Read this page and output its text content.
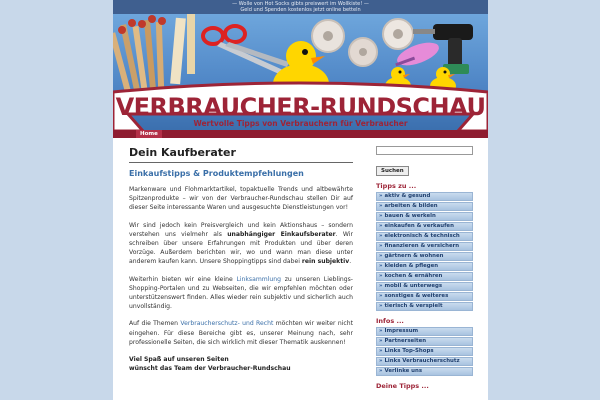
— Wolle von Hot Socks gibts preiswert im Wollkiste! —
Geld und Spenden kostenlos jetzt online betteln
VERBRAUCHER-RUNDSCHAU
Wertvolle Tipps von Verbrauchern für Verbraucher
Home
Dein Kaufberater
Einkaufstipps & Produktempfehlungen

Markenware und Flohmarktartikel, topaktuelle Trends und altbewährte Spitzenprodukte – wir von der Verbraucher-Rundschau stellen Dir auf dieser Seite interessante Waren und ausgesuchte Dienstleistungen vor!

Wir sind jedoch kein Preisvergleich und kein Aktionshaus – sondern verstehen uns vielmehr als unabhängiger Einkaufsberater. Wir schreiben über unsere Erfahrungen mit Produkten und über deren Vorzüge. Außerdem berichten wir, wo und wann man diese unter anderem kaufen kann. Unsere Shoppingtipps sind dabei rein subjektiv.

Weiterhin bieten wir eine kleine Linksammlung zu unseren Lieblings-Shopping-Portalen und zu Webseiten, die wir empfehlen möchten oder unterstützenswert finden. Alles wieder rein subjektiv und sicherlich auch unvollständig.

Auf die Themen Verbraucherschutz- und Recht möchten wir weiter nicht eingehen. Für diese Bereiche gibt es, unserer Meinung nach, sehr professionelle Seiten, die sich wirklich mit dieser Thematik auskennen!

Viel Spaß auf unseren Seiten
wünscht das Team der Verbraucher-Rundschau
Suchen
Tipps zu ...
» aktiv & gesund
» arbeiten & bilden
» bauen & werkeln
» einkaufen & verkaufen
» elektronisch & technisch
» finanzieren & versichern
» gärtnern & wohnen
» kleiden & pflegen
» kochen & ernähren
» mobil & unterwegs
» sonstiges & weiteres
» tierisch & verspielt
Infos ...
» Impressum
» Partnerseiten
» Links Top-Shops
» Links Verbraucherschutz
» Verlinke uns
Deine Tipps ...
